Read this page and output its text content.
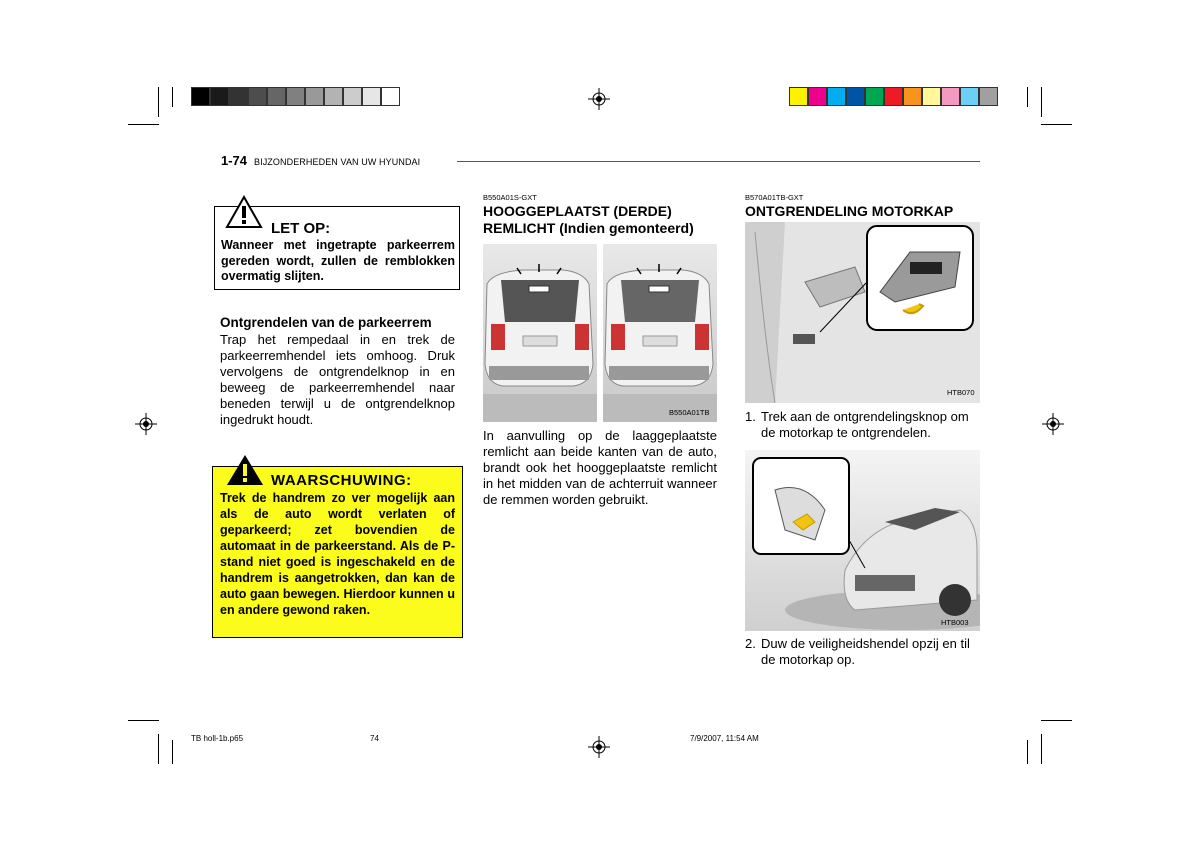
1-74 BIJZONDERHEDEN VAN UW HYUNDAI
LET OP:
Wanneer met ingetrapte parkeerrem gereden wordt, zullen de remblokken overmatig slijten.
Ontgrendelen van de parkeerrem
Trap het rempedaal in en trek de parkeerremhendel iets omhoog. Druk vervolgens de ontgrendelknop in en beweeg de parkeerremhendel naar beneden terwijl u de ontgrendelknop ingedrukt houdt.
WAARSCHUWING:
Trek de handrem zo ver mogelijk aan als de auto wordt verlaten of geparkeerd; zet bovendien de automaat in de parkeerstand. Als de P-stand niet goed is ingeschakeld en de handrem is aangetrokken, dan kan de auto gaan bewegen. Hierdoor kunnen u en andere gewond raken.
B550A01S-GXT
HOOGGEPLAATST (DERDE)
REMLICHT (Indien gemonteerd)
B550A01TB
In aanvulling op de laaggeplaatste remlicht aan beide kanten van de auto, brandt ook het hooggeplaatste remlicht in het midden van de achterruit wanneer de remmen worden gebruikt.
B570A01TB-GXT
ONTGRENDELING MOTORKAP
HTB070
1. Trek aan de ontgrendelingsknop om de motorkap te ontgrendelen.
HTB003
2. Duw de veiligheidshendel opzij en til de motorkap op.
TB holl-1b.p65	74	7/9/2007, 11:54 AM
